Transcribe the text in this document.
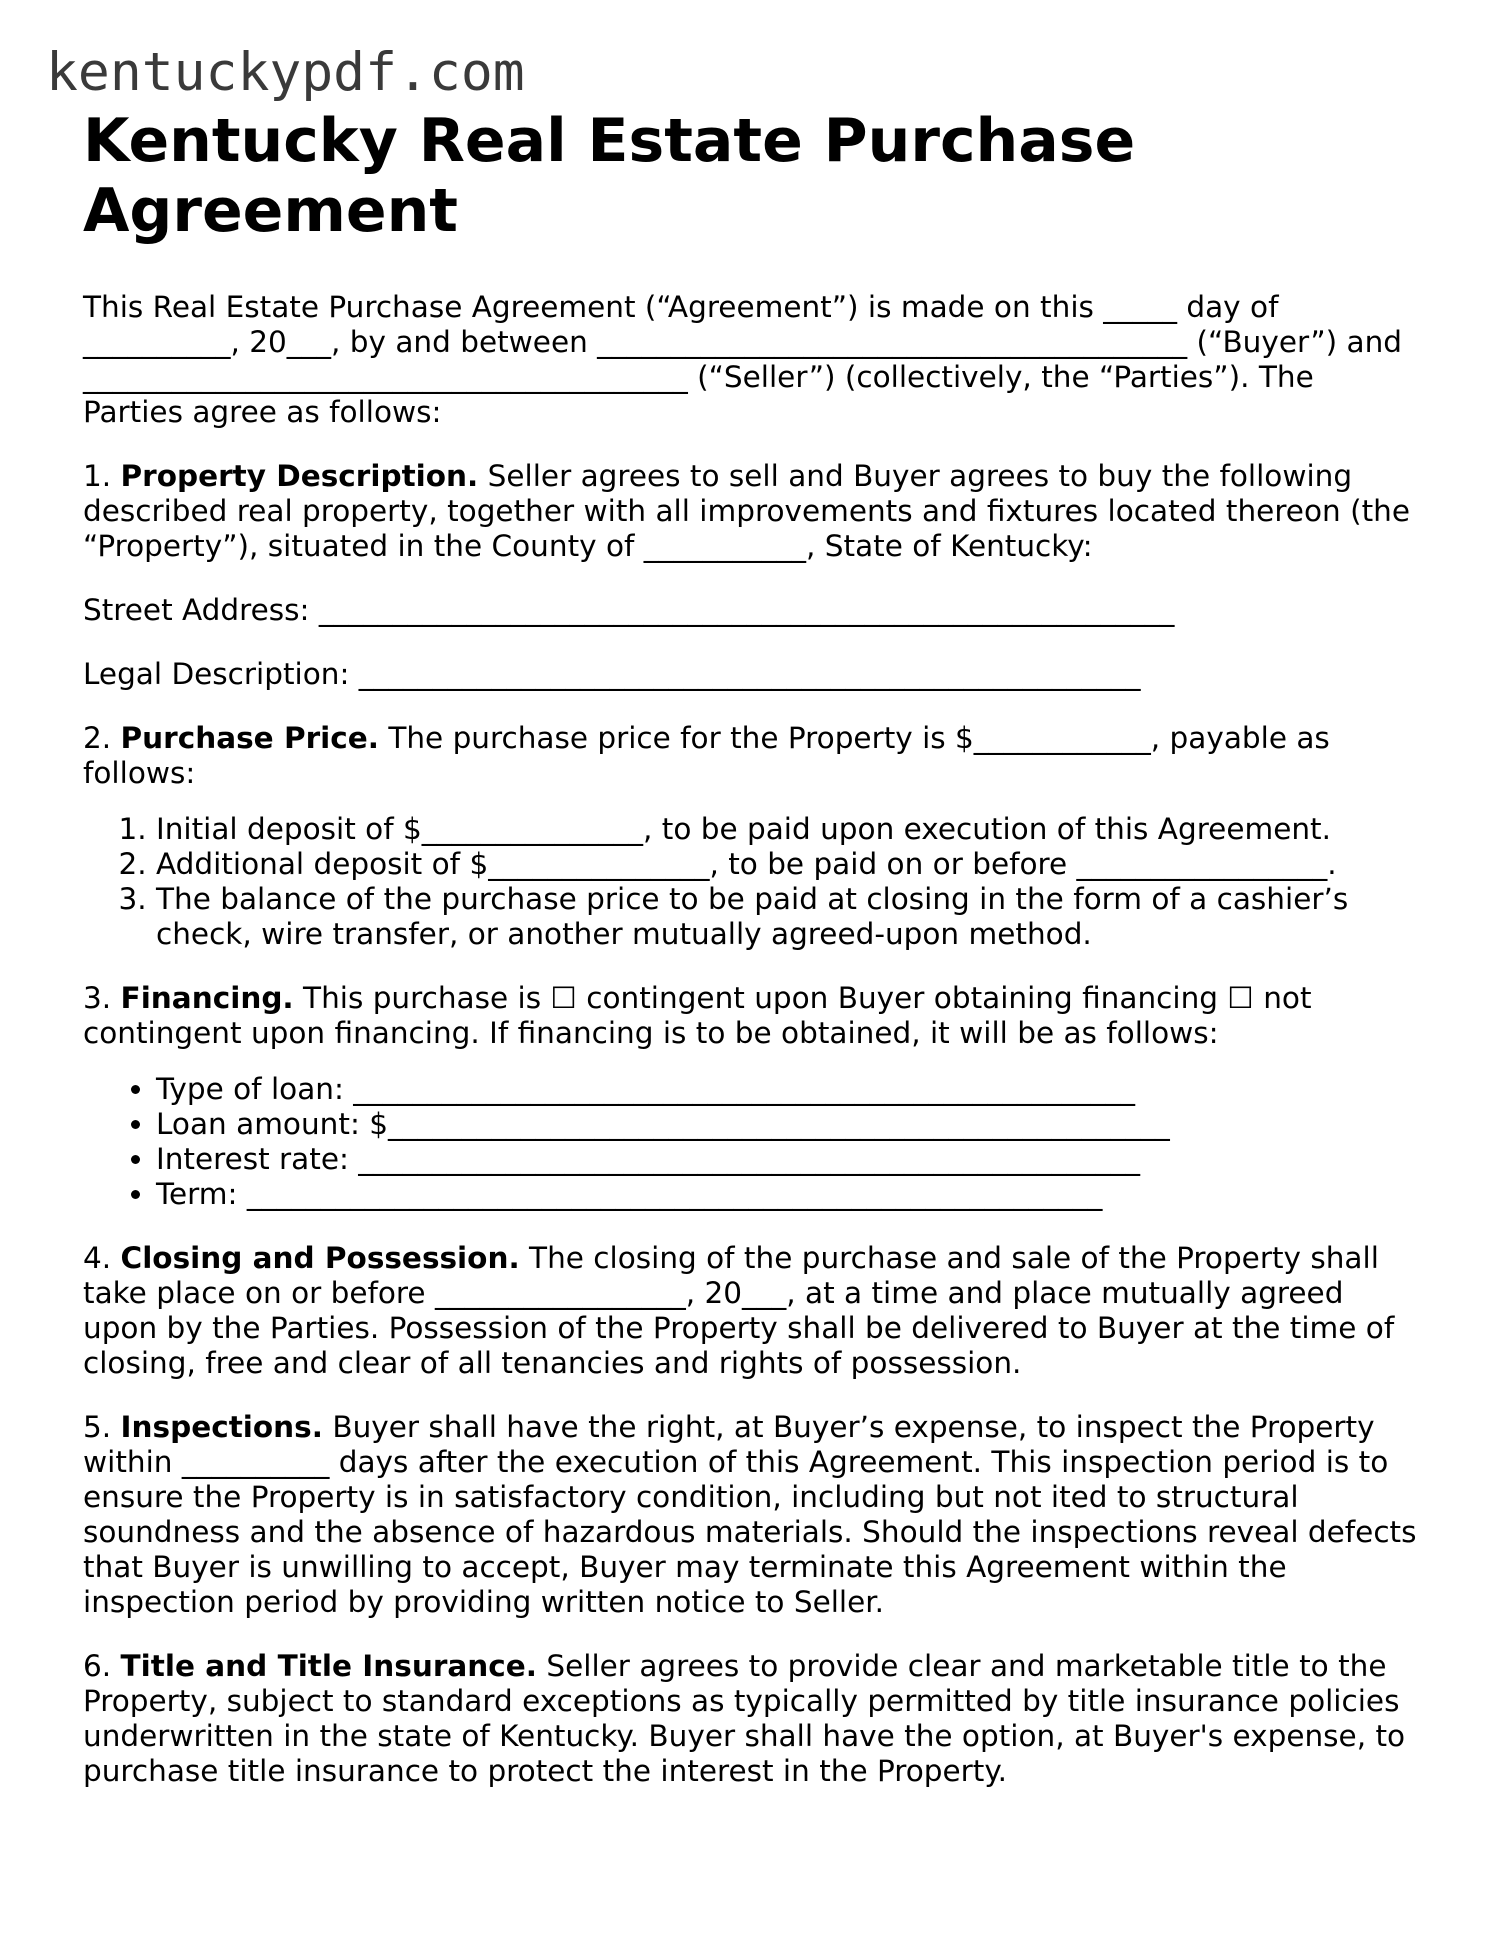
kentuckypdf.com
Kentucky Real Estate Purchase Agreement

This Real Estate Purchase Agreement (“Agreement”) is made on this _____ day of __________, 20___, by and between ________________________________________ (“Buyer”) and _________________________________________ (“Seller”) (collectively, the “Parties”). The Parties agree as follows:

1. Property Description. Seller agrees to sell and Buyer agrees to buy the following described real property, together with all improvements and fixtures located thereon (the “Property”), situated in the County of ___________, State of Kentucky:

Street Address: __________________________________________________________

Legal Description: _____________________________________________________

2. Purchase Price. The purchase price for the Property is $____________, payable as follows:

1. Initial deposit of $_______________, to be paid upon execution of this Agreement.
2. Additional deposit of $_______________, to be paid on or before _________________.
3. The balance of the purchase price to be paid at closing in the form of a cashier’s check, wire transfer, or another mutually agreed-upon method.

3. Financing. This purchase is ☐ contingent upon Buyer obtaining financing ☐ not contingent upon financing. If financing is to be obtained, it will be as follows:

• Type of loan: _____________________________________________________
• Loan amount: $_____________________________________________________
• Interest rate: _____________________________________________________
• Term: __________________________________________________________

4. Closing and Possession. The closing of the purchase and sale of the Property shall take place on or before _________________, 20___, at a time and place mutually agreed upon by the Parties. Possession of the Property shall be delivered to Buyer at the time of closing, free and clear of all tenancies and rights of possession.

5. Inspections. Buyer shall have the right, at Buyer’s expense, to inspect the Property within __________ days after the execution of this Agreement. This inspection period is to ensure the Property is in satisfactory condition, including but not ited to structural soundness and the absence of hazardous materials. Should the inspections reveal defects that Buyer is unwilling to accept, Buyer may terminate this Agreement within the inspection period by providing written notice to Seller.

6. Title and Title Insurance. Seller agrees to provide clear and marketable title to the Property, subject to standard exceptions as typically permitted by title insurance policies underwritten in the state of Kentucky. Buyer shall have the option, at Buyer's expense, to purchase title insurance to protect the interest in the Property.
